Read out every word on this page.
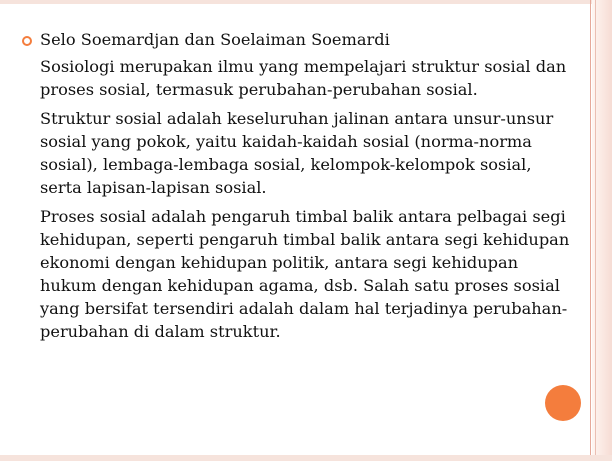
Selo Soemardjan dan Soelaiman Soemardi
Sosiologi merupakan ilmu yang mempelajari struktur sosial dan proses sosial, termasuk perubahan-perubahan sosial.
Struktur sosial adalah keseluruhan jalinan antara unsur-unsur sosial yang pokok, yaitu kaidah-kaidah sosial (norma-norma sosial), lembaga-lembaga sosial, kelompok-kelompok sosial, serta lapisan-lapisan sosial.
Proses sosial adalah pengaruh timbal balik antara pelbagai segi kehidupan, seperti pengaruh timbal balik antara segi kehidupan ekonomi dengan kehidupan politik, antara segi kehidupan hukum dengan kehidupan agama, dsb. Salah satu proses sosial yang bersifat tersendiri adalah dalam hal terjadinya perubahan-perubahan di dalam struktur.
